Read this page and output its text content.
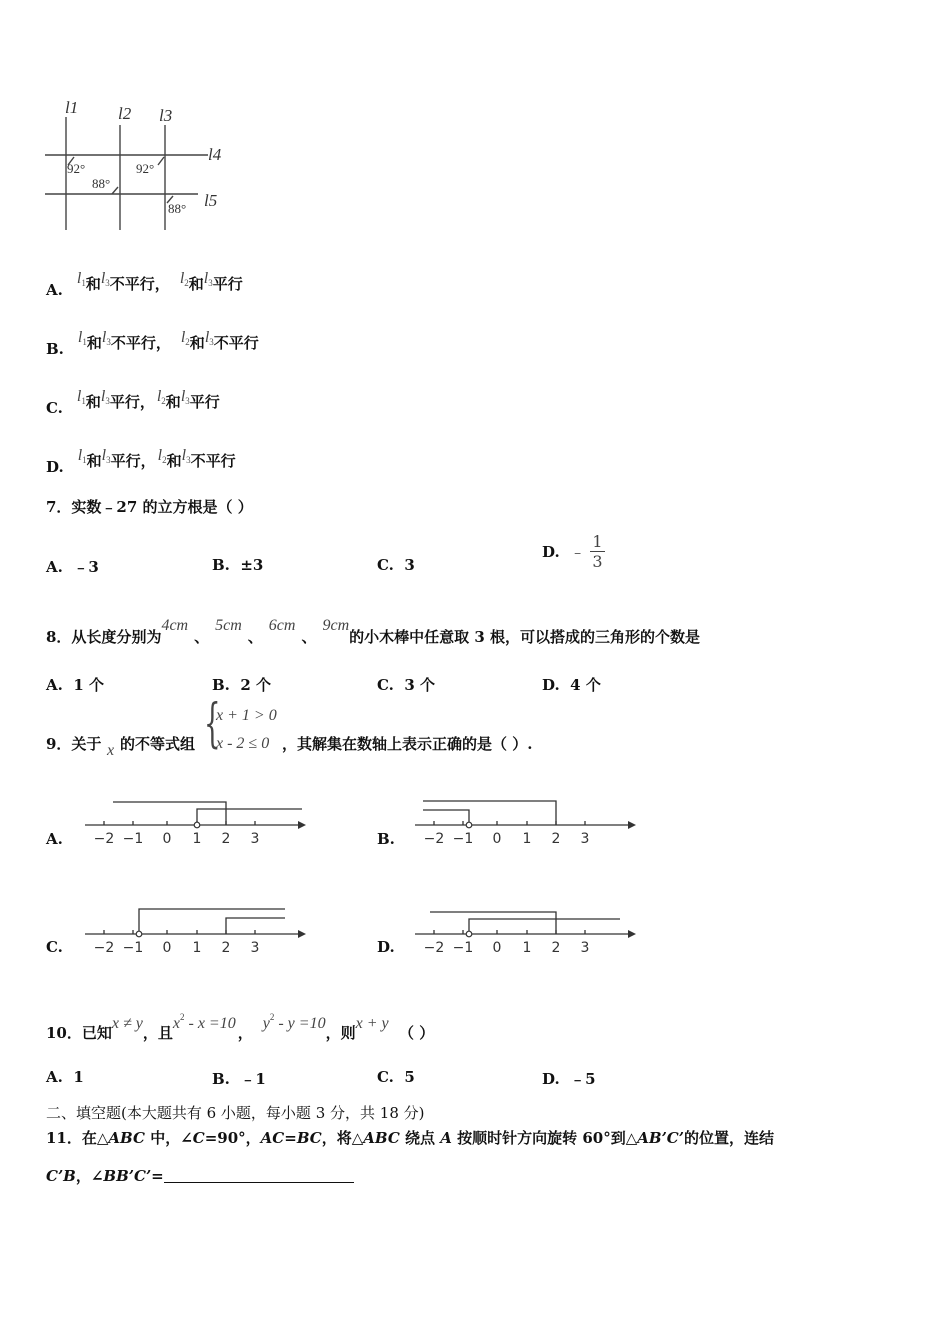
92°
88°
92°
88°
l1 l2 l3
l4
l5
$A.l_1$和$l_3$不平行， $l_2$和$l_3$平行
$B.l_1$和$l_3$不平行， $l_2$和$l_3$不平行
$C.l_1$和$l_3$平行， $l_2$和$l_3$平行
$D.l_1$和$l_3$平行， $l_2$和$l_3$不平行
7．实数﹣27 的立方根是（ ）
A. ﹣3	B. ±3	C. 3
D. ﹣ $\frac{1}{3}$
8．从长度分别为4cm、5cm、6cm、9cm的小木棒中任意取 3 根，可以搭成的三角形的个数是
A. 1 个	B. 2 个	C. 3 个	D. 4 个
9．关于 x 的不等式组 {
x + 1 > 0
x - 2 ≤ 0 ，其解集在数轴上表示正确的是（ ）.
A.	B.
C.	D.
−2 −1 0 1 2 3	−2 −1 0 1 2 3
−2 −1 0 1 2 3	−2 −1 0 1 2 3
10．已知x ≠ y，且$x^2 - x =10$，$y^2 - y =10$，则x + y  （ ）
A. 1	B. ﹣1	C. 5	D. ﹣5
二、填空题(本大题共有 6 小题，每小题 3 分，共 18 分)
11．在△ABC 中，∠C=90°，AC=BC，将△ABC 绕点 A 按顺时针方向旋转 60°到△AB’C’的位置，连结
C’B，∠BB’C’=
